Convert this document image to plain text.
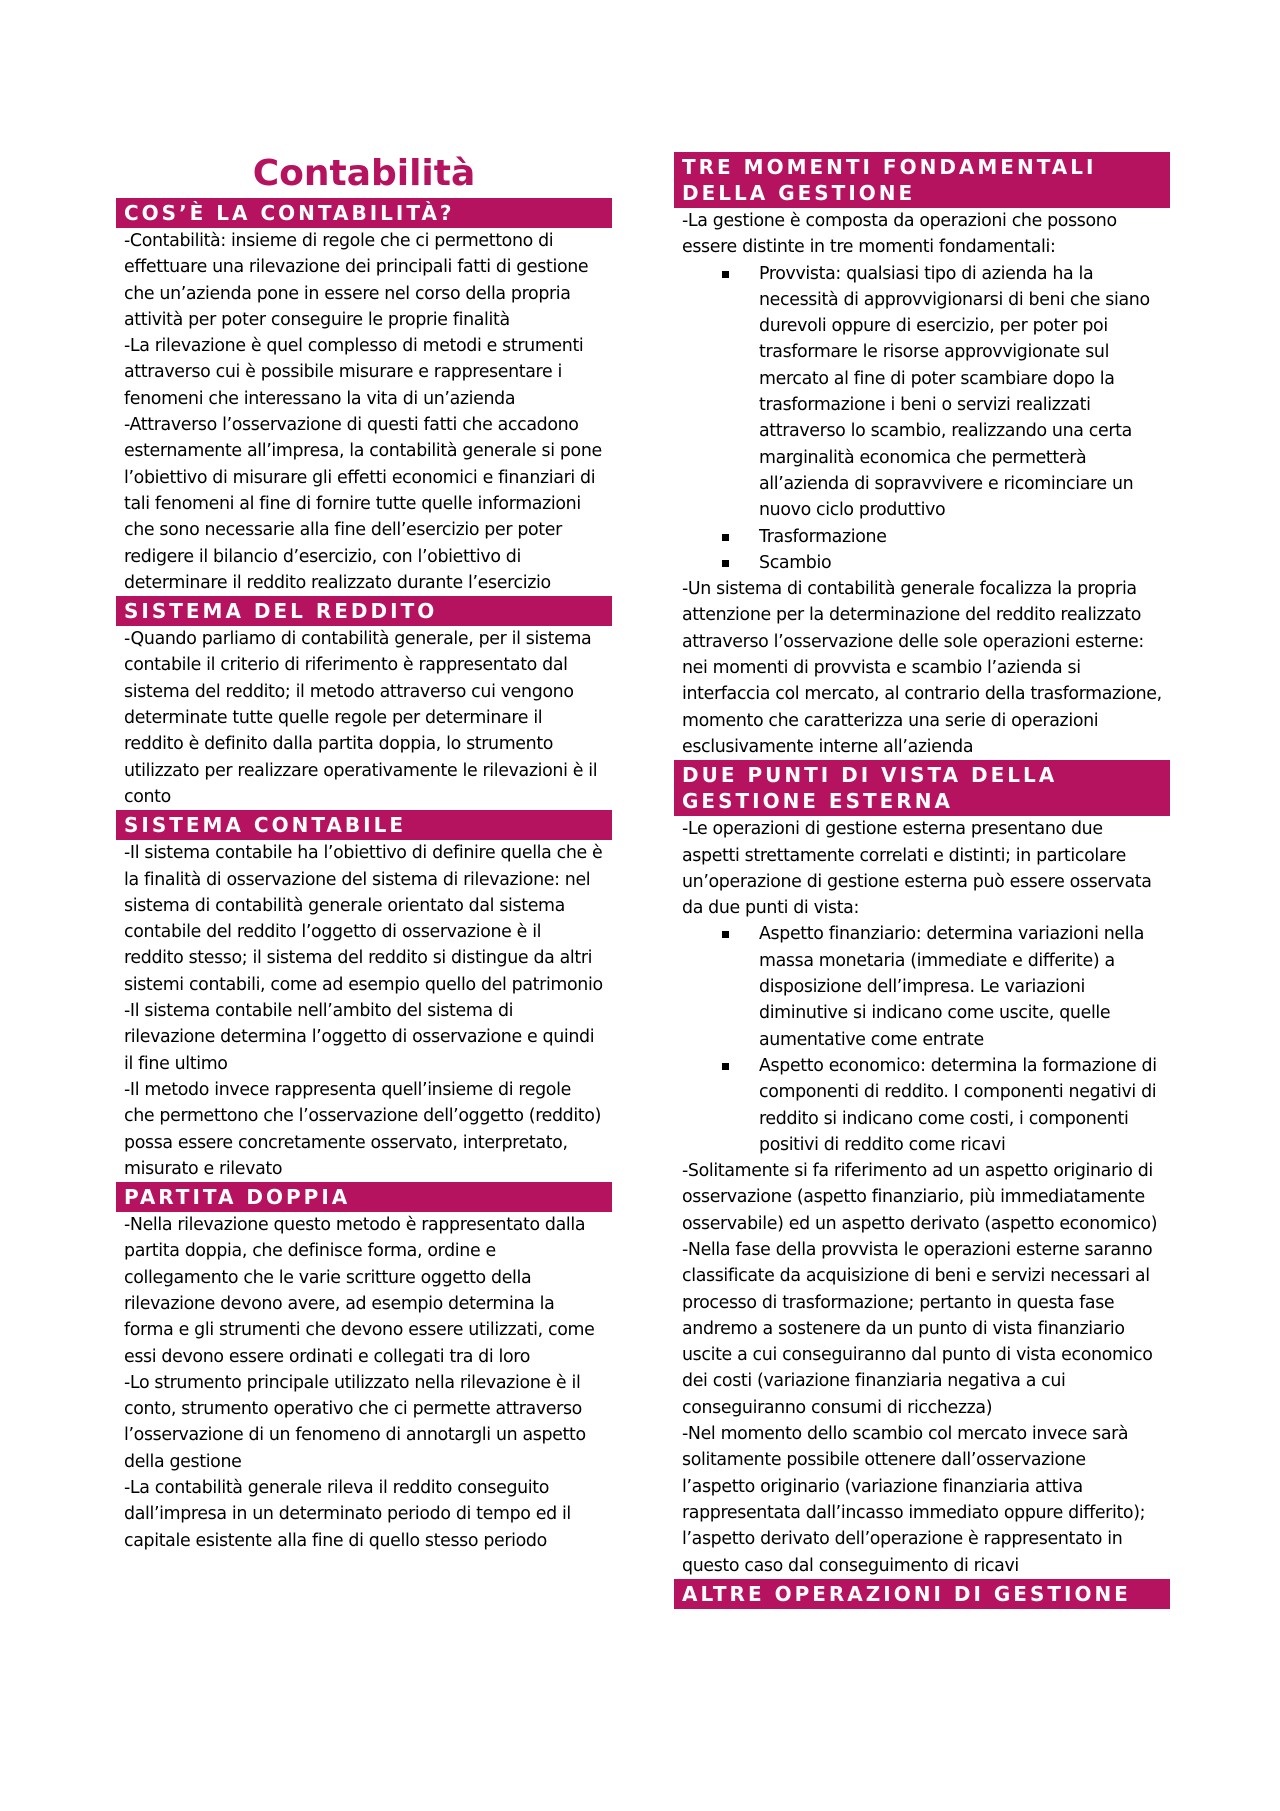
Contabilità
COS’È LA CONTABILITÀ?

-Contabilità: insieme di regole che ci permettono di effettuare una rilevazione dei principali fatti di gestione che un’azienda pone in essere nel corso della propria attività per poter conseguire le proprie finalità

-La rilevazione è quel complesso di metodi e strumenti attraverso cui è possibile misurare e rappresentare i fenomeni che interessano la vita di un’azienda

-Attraverso l’osservazione di questi fatti che accadono esternamente all’impresa, la contabilità generale si pone l’obiettivo di misurare gli effetti economici e finanziari di tali fenomeni al fine di fornire tutte quelle informazioni che sono necessarie alla fine dell’esercizio per poter redigere il bilancio d’esercizio, con l’obiettivo di determinare il reddito realizzato durante l’esercizio

SISTEMA DEL REDDITO

-Quando parliamo di contabilità generale, per il sistema contabile il criterio di riferimento è rappresentato dal sistema del reddito; il metodo attraverso cui vengono determinate tutte quelle regole per determinare il reddito è definito dalla partita doppia, lo strumento utilizzato per realizzare operativamente le rilevazioni è il conto

SISTEMA CONTABILE

-Il sistema contabile ha l’obiettivo di definire quella che è la finalità di osservazione del sistema di rilevazione: nel sistema di contabilità generale orientato dal sistema contabile del reddito l’oggetto di osservazione è il reddito stesso; il sistema del reddito si distingue da altri sistemi contabili, come ad esempio quello del patrimonio

-Il sistema contabile nell’ambito del sistema di rilevazione determina l’oggetto di osservazione e quindi il fine ultimo

-Il metodo invece rappresenta quell’insieme di regole che permettono che l’osservazione dell’oggetto (reddito) possa essere concretamente osservato, interpretato, misurato e rilevato

PARTITA DOPPIA

-Nella rilevazione questo metodo è rappresentato dalla partita doppia, che definisce forma, ordine e collegamento che le varie scritture oggetto della rilevazione devono avere, ad esempio determina la forma e gli strumenti che devono essere utilizzati, come essi devono essere ordinati e collegati tra di loro

-Lo strumento principale utilizzato nella rilevazione è il conto, strumento operativo che ci permette attraverso l’osservazione di un fenomeno di annotargli un aspetto della gestione

-La contabilità generale rileva il reddito conseguito dall’impresa in un determinato periodo di tempo ed il capitale esistente alla fine di quello stesso periodo

TRE MOMENTI FONDAMENTALI DELLA GESTIONE

-La gestione è composta da operazioni che possono essere distinte in tre momenti fondamentali:

Provvista: qualsiasi tipo di azienda ha la necessità di approvvigionarsi di beni che siano durevoli oppure di esercizio, per poter poi trasformare le risorse approvvigionate sul mercato al fine di poter scambiare dopo la trasformazione i beni o servizi realizzati attraverso lo scambio, realizzando una certa marginalità economica che permetterà all’azienda di sopravvivere e ricominciare un nuovo ciclo produttivo
Trasformazione
Scambio

-Un sistema di contabilità generale focalizza la propria attenzione per la determinazione del reddito realizzato attraverso l’osservazione delle sole operazioni esterne: nei momenti di provvista e scambio l’azienda si interfaccia col mercato, al contrario della trasformazione, momento che caratterizza una serie di operazioni esclusivamente interne all’azienda

DUE PUNTI DI VISTA DELLA GESTIONE ESTERNA

-Le operazioni di gestione esterna presentano due aspetti strettamente correlati e distinti; in particolare un’operazione di gestione esterna può essere osservata da due punti di vista:

Aspetto finanziario: determina variazioni nella massa monetaria (immediate e differite) a disposizione dell’impresa. Le variazioni diminutive si indicano come uscite, quelle aumentative come entrate
Aspetto economico: determina la formazione di componenti di reddito. I componenti negativi di reddito si indicano come costi, i componenti positivi di reddito come ricavi

-Solitamente si fa riferimento ad un aspetto originario di osservazione (aspetto finanziario, più immediatamente osservabile) ed un aspetto derivato (aspetto economico)

-Nella fase della provvista le operazioni esterne saranno classificate da acquisizione di beni e servizi necessari al processo di trasformazione; pertanto in questa fase andremo a sostenere da un punto di vista finanziario uscite a cui conseguiranno dal punto di vista economico dei costi (variazione finanziaria negativa a cui conseguiranno consumi di ricchezza)

-Nel momento dello scambio col mercato invece sarà solitamente possibile ottenere dall’osservazione l’aspetto originario (variazione finanziaria attiva rappresentata dall’incasso immediato oppure differito); l’aspetto derivato dell’operazione è rappresentato in questo caso dal conseguimento di ricavi

ALTRE OPERAZIONI DI GESTIONE
